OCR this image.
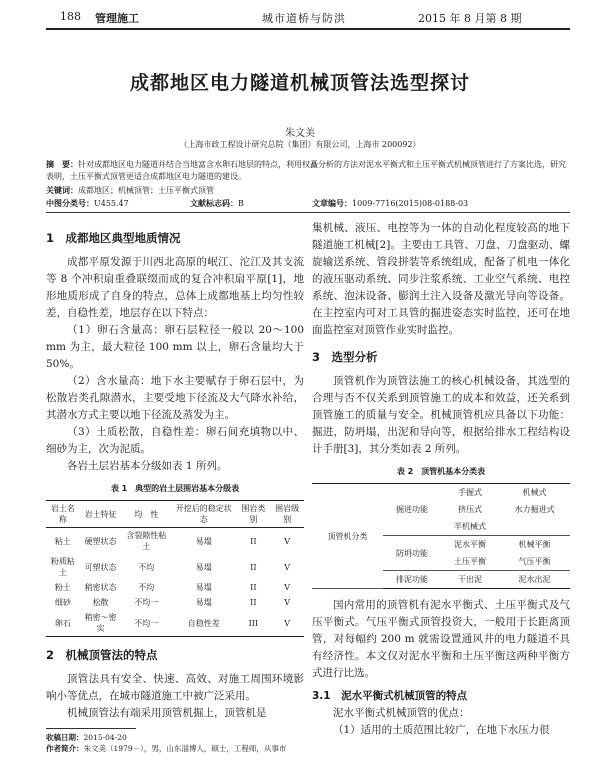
188 管理施工	城市道桥与防洪	2015 年 8 月第 8 期
成都地区电力隧道机械顶管法选型探讨
朱文美
（上海市政工程设计研究总院（集团）有限公司，上海市 200092）
摘　要：针对成都地区电力隧道并结合当地富含水卵石地层的特点，利用权矗分析的方法对泥水平衡式和土压平衡式机械顶管进行了方案比选，研究表明，土压平衡式顶管更适合成都地区电力隧道的建设。
关键词：成都地区；机械顶管；土压平衡式顶管
中图分类号：U455.47	文献标志码：B	文章编号：1009-7716(2015)08-0188-03
1　成都地区典型地质情况

成都平原发源于川西北高原的岷江、沱江及其支流等 8 个冲积扇重叠联缀而成的复合冲积扇平原[1]，地形地质形成了自身的特点，总体上成都地基上均匀性较差，自稳性差，地层存在以下特点：

（1）卵石含量高：卵石层粒径一般以 20～100 mm 为主，最大粒径 100 mm 以上，卵石含量均大于 50%。

（2）含水量高：地下水主要赋存于卵石层中，为松散岩类孔隙潜水，主要受地下径流及大气降水补给，其潜水方式主要以地下径流及蒸发为主。

（3）土质松散，自稳性差：卵石间充填物以中、细砂为主，次为泥质。

各岩土层岩基本分级如表 1 所列。

表 1　典型的岩土层围岩基本分级表
岩土名称	岩土特征	均　性	开挖后的稳定状态	围岩类别	围岩级别
粘土	硬塑状态	含裂隙性粘土	易塌	II	V
粉质粘土	可塑状态	不均	易塌	II	V
粉土	稍密状态	不均	易塌	II	V
细砂	松散	不均一	易塌	II	V
卵石	稍密～密实	不均一	自稳性差	III	V
2　机械顶管法的特点

顶管法具有安全、快速、高效、对施工周围环境影响小等优点，在城市隧道施工中被广泛采用。

机械顶管法有端采用顶管机掘上，顶管机是

收稿日期：2015-04-20
作者简介：朱文美（1979－），男，山东淄博人，硕士，工程师，从事市

集机械、液压、电控等为一体的自动化程度较高的地下隧道施工机械[2]。主要由工具管、刀盘、刀盘驱动、螺旋输送系统、管段拼装等系统组成，配备了机电一体化的液压驱动系统、同步注浆系统、工业空气系统、电控系统、泡沫设备、膨润土注入设备及激光导向等设备。在主控室内可对工具管的掘进姿态实时监控，还可在地面监控室对顶管作业实时监控。

3　选型分析

顶管机作为顶管法施工的核心机械设备，其选型的合理与否不仅关系到顶管施工的成本和效益，还关系到顶管施工的质量与安全。机械顶管机应具备以下功能：掘进，防坍塌，出泥和导向等，根据给排水工程结构设计手册[3]，其分类如表 2 所列。

表 2　顶管机基本分类表
顶管机分类	掘进功能	手掘式	机械式
		挤压式	水力掘进式
		半机械式	
	防坍功能	泥水平衡	机械平衡
		土压平衡	气压平衡
	排泥功能	干出泥	泥水出泥

国内常用的顶管机有泥水平衡式、土压平衡式及气压平衡式。气压平衡式顶管投资大，一般用于长距离顶管，对每幅约 200 m 就需设置通风井的电力隧道不具有经济性。本文仅对泥水平衡和土压平衡这两种平衡方式进行比选。

3.1　泥水平衡式机械顶管的特点

泥水平衡式机械顶管的优点：

（1）适用的土质范围比较广，在地下水压力很
